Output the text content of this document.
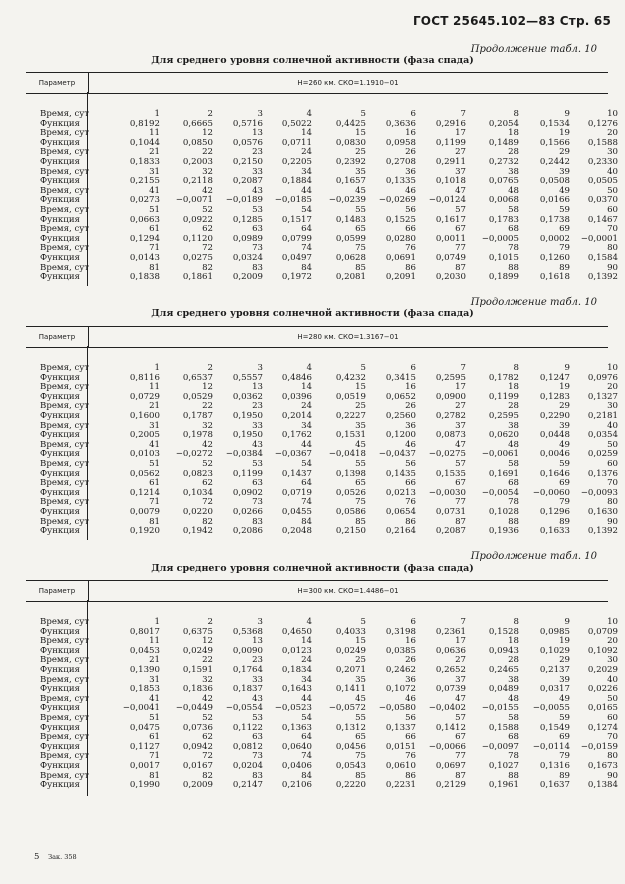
ГОСТ 25645.102—83 Стр. 65
Продолжение табл. 10
Для среднего уровня солнечной активности (фаза спада)
Параметр	H=260 км. СКО=1.1910−01
Время, сут	1	2	3	4	5	6	7	8	9	10
Функция	0,8192	0,6665	0,5716	0,5022	0,4425	0,3636	0,2916	0,2054	0,1534	0,1276
Время, сут	11	12	13	14	15	16	17	18	19	20
Функция	0,1044	0,0850	0,0576	0,0711	0,0830	0,0958	0,1199	0,1489	0,1566	0,1588
Время, сут	21	22	23	24	25	26	27	28	29	30
Функция	0,1833	0,2003	0,2150	0,2205	0,2392	0,2708	0,2911	0,2732	0,2442	0,2330
Время, сут	31	32	33	34	35	36	37	38	39	40
Функция	0,2155	0,2118	0,2087	0,1884	0,1657	0,1335	0,1018	0,0765	0,0508	0,0505
Время, сут	41	42	43	44	45	46	47	48	49	50
Функция	0,0273	−0,0071	−0,0189	−0,0185	−0,0239	−0,0269	−0,0124	0,0068	0,0166	0,0370
Время, сут	51	52	53	54	55	56	57	58	59	60
Функция	0,0663	0,0922	0,1285	0,1517	0,1483	0,1525	0,1617	0,1783	0,1738	0,1467
Время, сут	61	62	63	64	65	66	67	68	69	70
Функция	0,1294	0,1120	0,0989	0,0799	0,0599	0,0280	0,0011	−0,0005	0,0002	−0,0001
Время, сут	71	72	73	74	75	76	77	78	79	80
Функция	0,0143	0,0275	0,0324	0,0497	0,0628	0,0691	0,0749	0,1015	0,1260	0,1584
Время, сут	81	82	83	84	85	86	87	88	89	90
Функция	0,1838	0,1861	0,2009	0,1972	0,2081	0,2091	0,2030	0,1899	0,1618	0,1392
Продолжение табл. 10
Для среднего уровня солнечной активности (фаза спада)
Параметр	H=280 км. СКО=1.3167−01
Время, сут	1	2	3	4	5	6	7	8	9	10
Функция	0,8116	0,6537	0,5557	0,4846	0,4232	0,3415	0,2595	0,1782	0,1247	0,0976
Время, сут	11	12	13	14	15	16	17	18	19	20
Функция	0,0729	0,0529	0,0362	0,0396	0,0519	0,0652	0,0900	0,1199	0,1283	0,1327
Время, сут	21	22	23	24	25	26	27	28	29	30
Функция	0,1600	0,1787	0,1950	0,2014	0,2227	0,2560	0,2782	0,2595	0,2290	0,2181
Время, сут	31	32	33	34	35	36	37	38	39	40
Функция	0,2005	0,1978	0,1950	0,1762	0,1531	0,1200	0,0873	0,0620	0,0448	0,0354
Время, сут	41	42	43	44	45	46	47	48	49	50
Функция	0,0103	−0,0272	−0,0384	−0,0367	−0,0418	−0,0437	−0,0275	−0,0061	0,0046	0,0259
Время, сут	51	52	53	54	55	56	57	58	59	60
Функция	0,0562	0,0823	0,1199	0,1437	0,1398	0,1435	0,1535	0,1691	0,1646	0,1376
Время, сут	61	62	63	64	65	66	67	68	69	70
Функция	0,1214	0,1034	0,0902	0,0719	0,0526	0,0213	−0,0030	−0,0054	−0,0060	−0,0093
Время, сут	71	72	73	74	75	76	77	78	79	80
Функция	0,0079	0,0220	0,0266	0,0455	0,0586	0,0654	0,0731	0,1028	0,1296	0,1630
Время, сут	81	82	83	84	85	86	87	88	89	90
Функция	0,1920	0,1942	0,2086	0,2048	0,2150	0,2164	0,2087	0,1936	0,1633	0,1392
Продолжение табл. 10
Для среднего уровня солнечной активности (фаза спада)
Параметр	H=300 км. СКО=1.4486−01
Время, сут	1	2	3	4	5	6	7	8	9	10
Функция	0,8017	0,6375	0,5368	0,4650	0,4033	0,3198	0,2361	0,1528	0,0985	0,0709
Время, сут	11	12	13	14	15	16	17	18	19	20
Функция	0,0453	0,0249	0,0090	0,0123	0,0249	0,0385	0,0636	0,0943	0,1029	0,1092
Время, сут	21	22	23	24	25	26	27	28	29	30
Функция	0,1390	0,1591	0,1764	0,1834	0,2071	0,2462	0,2652	0,2465	0,2137	0,2029
Время, сут	31	32	33	34	35	36	37	38	39	40
Функция	0,1853	0,1836	0,1837	0,1643	0,1411	0,1072	0,0739	0,0489	0,0317	0,0226
Время, сут	41	42	43	44	45	46	47	48	49	50
Функция	−0,0041	−0,0449	−0,0554	−0,0523	−0,0572	−0,0580	−0,0402	−0,0155	−0,0055	0,0165
Время, сут	51	52	53	54	55	56	57	58	59	60
Функция	0,0475	0,0736	0,1122	0,1363	0,1312	0,1337	0,1412	0,1588	0,1549	0,1274
Время, сут	61	62	63	64	65	66	67	68	69	70
Функция	0,1127	0,0942	0,0812	0,0640	0,0456	0,0151	−0,0066	−0,0097	−0,0114	−0,0159
Время, сут	71	72	73	74	75	76	77	78	79	80
Функция	0,0017	0,0167	0,0204	0,0406	0,0543	0,0610	0,0697	0,1027	0,1316	0,1673
Время, сут	81	82	83	84	85	86	87	88	89	90
Функция	0,1990	0,2009	0,2147	0,2106	0,2220	0,2231	0,2129	0,1961	0,1637	0,1384
5 Зак. 358
